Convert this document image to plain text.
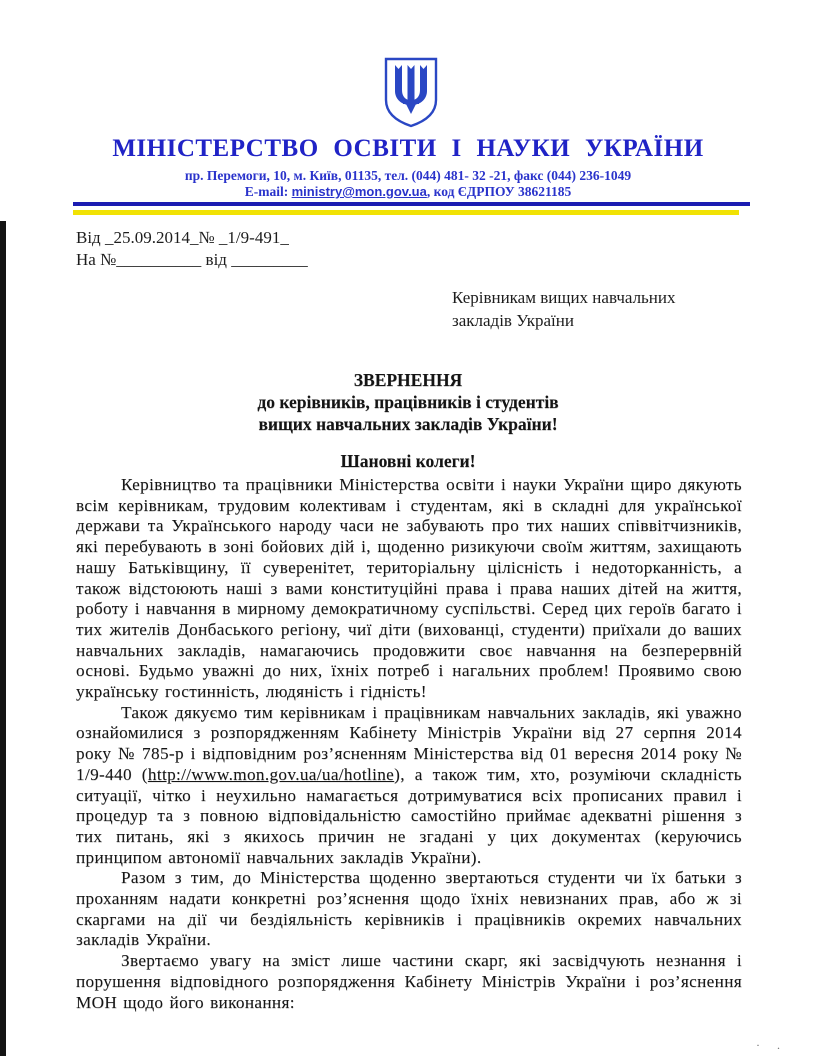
МІНІСТЕРСТВО ОСВІТИ І НАУКИ УКРАЇНИ
пр. Перемоги, 10, м. Київ, 01135, тел. (044) 481- 32 -21, факс (044) 236-1049
E-mail: ministry@mon.gov.ua, код ЄДРПОУ 38621185
Від _25.09.2014_№ _1/9-491_
На №__________ від _________
Керівникам вищих навчальних
закладів України
ЗВЕРНЕННЯ
до керівників, працівників і студентів
вищих навчальних закладів України!
Шановні колеги!

Керівництво та працівники Міністерства освіти і науки України щиро дякують всім керівникам, трудовим колективам і студентам, які в складні для української держави та Українського народу часи не забувають про тих наших співвітчизників, які перебувають в зоні бойових дій і, щоденно ризикуючи своїм життям, захищають нашу Батьківщину, її суверенітет, територіальну цілісність і недоторканність, а також відстоюють наші з вами конституційні права і права наших дітей на життя, роботу і навчання в мирному демократичному суспільстві. Серед цих героїв багато і тих жителів Донбаського регіону, чиї діти (вихованці, студенти) приїхали до ваших навчальних закладів, намагаючись продовжити своє навчання на безперервній основі. Будьмо уважні до них, їхніх потреб і нагальних проблем! Проявимо свою українську гостинність, людяність і гідність!

Також дякуємо тим керівникам і працівникам навчальних закладів, які уважно ознайомилися з розпорядженням Кабінету Міністрів України від 27 серпня 2014 року № 785-р і відповідним роз’ясненням Міністерства від 01 вересня 2014 року № 1/9-440 (http://www.mon.gov.ua/ua/hotline), а також тим, хто, розуміючи складність ситуації, чітко і неухильно намагається дотримуватися всіх прописаних правил і процедур та з повною відповідальністю самостійно приймає адекватні рішення з тих питань, які з якихось причин не згадані у цих документах (керуючись принципом автономії навчальних закладів України).

Разом з тим, до Міністерства щоденно звертаються студенти чи їх батьки з проханням надати конкретні роз’яснення щодо їхніх невизнаних прав, або ж зі скаргами на дії чи бездіяльність керівників і працівників окремих навчальних закладів України.

Звертаємо увагу на зміст лише частини скарг, які засвідчують незнання і порушення відповідного розпорядження Кабінету Міністрів України і роз’яснення МОН щодо його виконання:

· .
